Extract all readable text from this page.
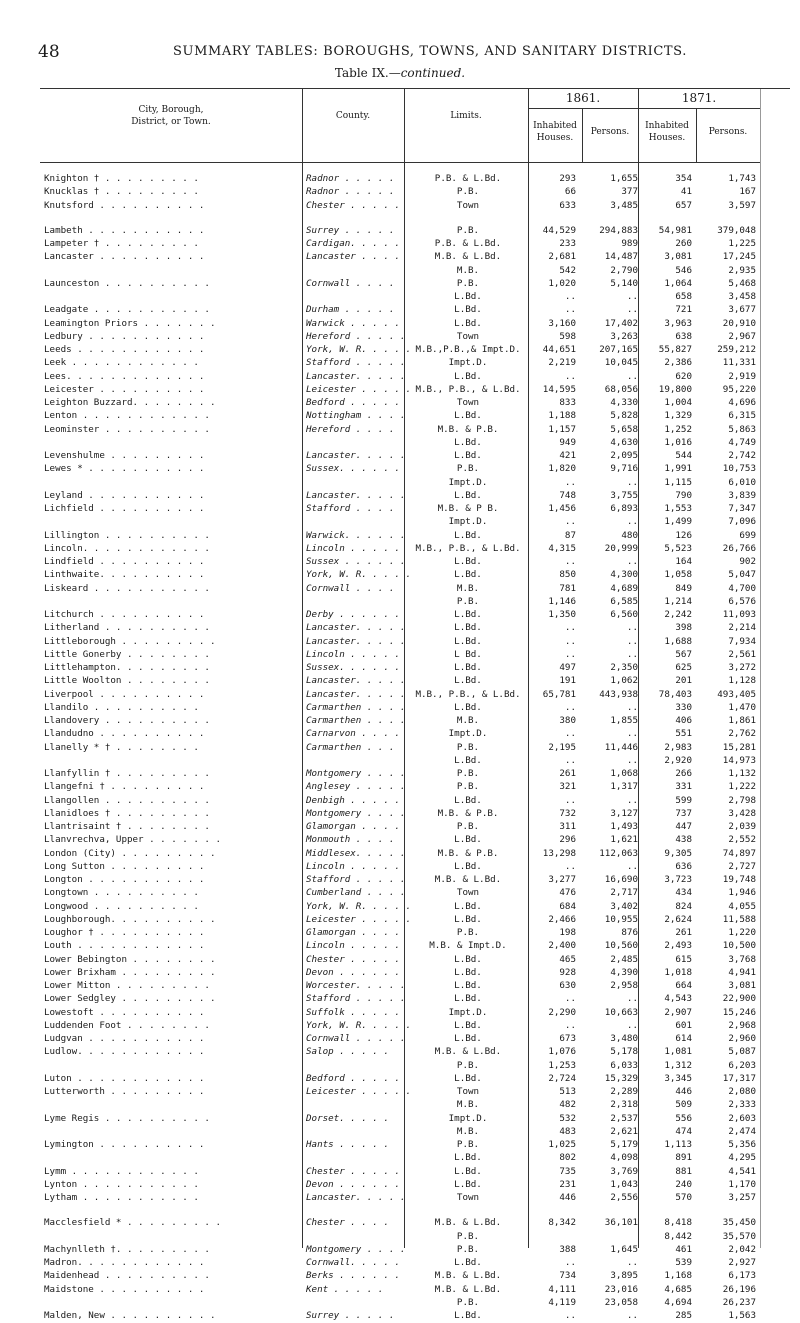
48	SUMMARY TABLES: BOROUGHS, TOWNS, AND SANITARY DISTRICTS.
Table IX.—continued.
City, Borough,
District, or Town.
County.	Limits.
1861.	1871.
Inhabited
Houses.
Persons.
Inhabited
Houses.
Persons.
Knighton † . . . . . . . . .	Radnor . . . . .	P.B. & L.Bd.	293	1,655	354	1,743
Knucklas † . . . . . . . . .	Radnor . . . . .	P.B.	66	377	41	167
Knutsford . . . . . . . . . .	Chester . . . . .	Town	633	3,485	657	3,597
Lambeth . . . . . . . . . . .	Surrey . . . . .	P.B.	44,529	294,883	54,981	379,048
Lampeter † . . . . . . . . .	Cardigan. . . . .	P.B. & L.Bd.	233	989	260	1,225
Lancaster . . . . . . . . . .	Lancaster . . . .	M.B. & L.Bd.	2,681	14,487	3,081	17,245
M.B.	542	2,790	546	2,935
Launceston . . . . . . . . . .	Cornwall . . . .	P.B.	1,020	5,140	1,064	5,468
L.Bd.	..	..	658	3,458
Leadgate . . . . . . . . . . .	Durham . . . . .	L.Bd.	..	..	721	3,677
Leamington Priors . . . . . . .	Warwick . . . . .	L.Bd.	3,160	17,402	3,963	20,910
Ledbury . . . . . . . . . . .	Hereford . . . . .	Town	598	3,263	638	2,967
Leeds . . . . . . . . . . . .	York, W. R. . . . . M.B.,P.B.,& Impt.D.	44,651	207,165	55,827	259,212
Leek . . . . . . . . . . . .	Stafford . . . . .	Impt.D.	2,219	10,045	2,386	11,331
Lees. . . . . . . . . . . . .	Lancaster. . . . .	L.Bd.	..	..	620	2,919
Leicester . . . . . . . . . .	Leicester . . . . . M.B., P.B., & L.Bd.	14,595	68,056	19,800	95,220
Leighton Buzzard. . . . . . . .	Bedford . . . . .	Town	833	4,330	1,004	4,696
Lenton . . . . . . . . . . . .	Nottingham . . . .	L.Bd.	1,188	5,828	1,329	6,315
Leominster . . . . . . . . . .	Hereford . . . .	M.B. & P.B.	1,157	5,658	1,252	5,863
L.Bd.	949	4,630	1,016	4,749
Levenshulme . . . . . . . . .	Lancaster. . . . .	L.Bd.	421	2,095	544	2,742
Lewes * . . . . . . . . . . .	Sussex. . . . . .	P.B.	1,820	9,716	1,991	10,753
Impt.D.	..	..	1,115	6,010
Leyland . . . . . . . . . . .	Lancaster. . . . .	L.Bd.	748	3,755	790	3,839
Lichfield . . . . . . . . . .	Stafford . . . .	M.B. & P B.	1,456	6,893	1,553	7,347
Impt.D.	..	..	1,499	7,096
Lillington . . . . . . . . . .	Warwick. . . . . .	L.Bd.	87	480	126	699
Lincoln. . . . . . . . . . . .	Lincoln . . . . .	M.B., P.B., & L.Bd.	4,315	20,999	5,523	26,766
Lindfield . . . . . . . . . .	Sussex . . . . . .	L.Bd.	..	..	164	902
Linthwaite. . . . . . . . . .	York, W. R. . . . .	L.Bd.	850	4,300	1,058	5,047
Liskeard . . . . . . . . . . .	Cornwall . . . .	M.B.	781	4,689	849	4,700
P.B.	1,146	6,585	1,214	6,576
Litchurch . . . . . . . . . .	Derby . . . . . .	L.Bd.	1,350	6,560	2,242	11,093
Litherland . . . . . . . . . .	Lancaster. . . . .	L.Bd.	..	..	398	2,214
Littleborough . . . . . . . . .	Lancaster. . . . .	L.Bd.	..	..	1,688	7,934
Little Gonerby . . . . . . . .	Lincoln . . . . .	L Bd.	..	..	567	2,561
Littlehampton. . . . . . . . .	Sussex. . . . . .	L.Bd.	497	2,350	625	3,272
Little Woolton . . . . . . . .	Lancaster. . . . .	L.Bd.	191	1,062	201	1,128
Liverpool . . . . . . . . . .	Lancaster. . . . .	M.B., P.B., & L.Bd.	65,781	443,938	78,403	493,405
Llandilo . . . . . . . . . .	Carmarthen . . . .	L.Bd.	..	..	330	1,470
Llandovery . . . . . . . . . .	Carmarthen . . . .	M.B.	380	1,855	406	1,861
Llandudno . . . . . . . . . .	Carnarvon . . . .	Impt.D.	..	..	551	2,762
Llanelly * † . . . . . . . .	Carmarthen . . .	P.B.	2,195	11,446	2,983	15,281
L.Bd.	..	..	2,920	14,973
Llanfyllin † . . . . . . . . .	Montgomery . . . .	P.B.	261	1,068	266	1,132
Llangefni † . . . . . . . . .	Anglesey . . . . .	P.B.	321	1,317	331	1,222
Llangollen . . . . . . . . . .	Denbigh . . . . .	L.Bd.	..	..	599	2,798
Llanidloes † . . . . . . . . .	Montgomery . . . .	M.B. & P.B.	732	3,127	737	3,428
Llantrisaint † . . . . . . . .	Glamorgan . . . .	P.B.	311	1,493	447	2,039
Llanvrechva, Upper . . . . . . .	Monmouth . . . .	L.Bd.	296	1,621	438	2,552
London (City) . . . . . . . . .	Middlesex. . . . .	M.B. & P.B.	13,298	112,063	9,305	74,897
Long Sutton . . . . . . . . .	Lincoln . . . . .	L.Bd.	..	..	636	2,727
Longton . . . . . . . . . . .	Stafford . . . . .	M.B. & L.Bd.	3,277	16,690	3,723	19,748
Longtown . . . . . . . . . .	Cumberland . . . .	Town	476	2,717	434	1,946
Longwood . . . . . . . . . .	York, W. R. . . . .	L.Bd.	684	3,402	824	4,055
Loughborough. . . . . . . . . .	Leicester . . . . .	L.Bd.	2,466	10,955	2,624	11,588
Loughor † . . . . . . . . . .	Glamorgan . . . .	P.B.	198	876	261	1,220
Louth . . . . . . . . . . . .	Lincoln . . . . .	M.B. & Impt.D.	2,400	10,560	2,493	10,500
Lower Bebington . . . . . . . .	Chester . . . . .	L.Bd.	465	2,485	615	3,768
Lower Brixham . . . . . . . . .	Devon . . . . . .	L.Bd.	928	4,390	1,018	4,941
Lower Mitton . . . . . . . . .	Worcester. . . . .	L.Bd.	630	2,958	664	3,081
Lower Sedgley . . . . . . . . .	Stafford . . . . .	L.Bd.	..	..	4,543	22,900
Lowestoft . . . . . . . . . .	Suffolk . . . . .	Impt.D.	2,290	10,663	2,907	15,246
Luddenden Foot . . . . . . . .	York, W. R. . . . .	L.Bd.	..	..	601	2,968
Ludgvan . . . . . . . . . . .	Cornwall . . . . .	L.Bd.	673	3,480	614	2,960
Ludlow. . . . . . . . . . . .	Salop . . . . .	M.B. & L.Bd.	1,076	5,178	1,081	5,087
P.B.	1,253	6,033	1,312	6,203
Luton . . . . . . . . . . . .	Bedford . . . . .	L.Bd.	2,724	15,329	3,345	17,317
Lutterworth . . . . . . . . .	Leicester . . . . .	Town	513	2,289	446	2,080
M.B.	482	2,318	509	2,333
Lyme Regis . . . . . . . . . .	Dorset. . . . .	Impt.D.	532	2,537	556	2,603
M.B.	483	2,621	474	2,474
Lymington . . . . . . . . . .	Hants . . . . .	P.B.	1,025	5,179	1,113	5,356
L.Bd.	802	4,098	891	4,295
Lymm . . . . . . . . . . . .	Chester . . . . .	L.Bd.	735	3,769	881	4,541
Lynton . . . . . . . . . . .	Devon . . . . . .	L.Bd.	231	1,043	240	1,170
Lytham . . . . . . . . . . .	Lancaster. . . . .	Town	446	2,556	570	3,257
Macclesfield * . . . . . . . . .	Chester . . . .	M.B. & L.Bd.	8,342	36,101	8,418	35,450
P.B.	8,442	35,570
Machynlleth †. . . . . . . . .	Montgomery . . . .	P.B.	388	1,645	461	2,042
Madron. . . . . . . . . . . .	Cornwall. . . . .	L.Bd.	..	..	539	2,927
Maidenhead . . . . . . . . . .	Berks . . . . . .	M.B. & L.Bd.	734	3,895	1,168	6,173
Maidstone . . . . . . . . . .	Kent . . . . .	M.B. & L.Bd.	4,111	23,016	4,685	26,196
P.B.	4,119	23,058	4,694	26,237
Malden, New . . . . . . . . . .	Surrey . . . . .	L.Bd.	..	..	285	1,563
